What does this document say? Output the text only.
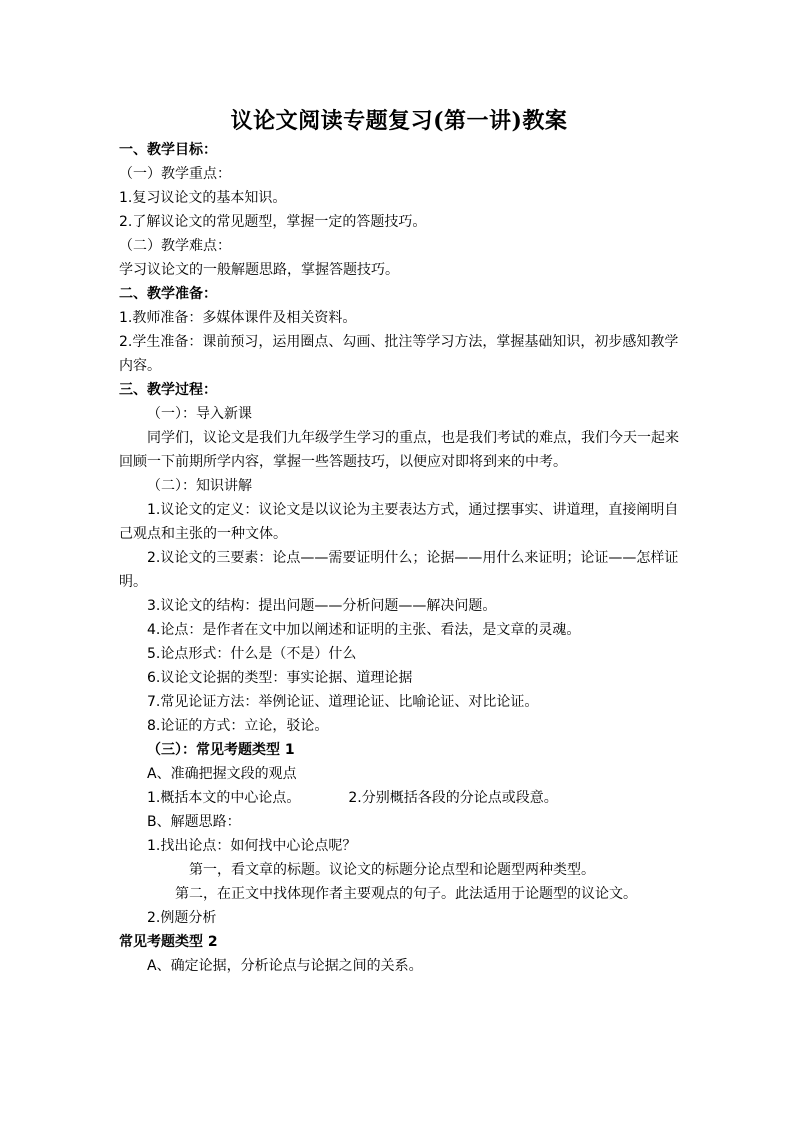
议论文阅读专题复习(第一讲)教案

一、教学目标：

（一）教学重点：

1.复习议论文的基本知识。

2.了解议论文的常见题型，掌握一定的答题技巧。

（二）教学难点：

学习议论文的一般解题思路，掌握答题技巧。

二、教学准备：

1.教师准备：多媒体课件及相关资料。

2.学生准备：课前预习，运用圈点、勾画、批注等学习方法，掌握基础知识，初步感知教学内容。

三、教学过程：

（一）：导入新课

同学们，议论文是我们九年级学生学习的重点，也是我们考试的难点，我们今天一起来回顾一下前期所学内容，掌握一些答题技巧，以便应对即将到来的中考。

（二）：知识讲解

1.议论文的定义：议论文是以议论为主要表达方式，通过摆事实、讲道理，直接阐明自己观点和主张的一种文体。

2.议论文的三要素：论点——需要证明什么；论据——用什么来证明；论证——怎样证明。

3.议论文的结构：提出问题——分析问题——解决问题。

4.论点：是作者在文中加以阐述和证明的主张、看法，是文章的灵魂。

5.论点形式：什么是（不是）什么

6.议论文论据的类型：事实论据、道理论据

7.常见论证方法：举例论证、道理论证、比喻论证、对比论证。

8.论证的方式：立论，驳论。

（三）：常见考题类型 1

A、准确把握文段的观点

1.概括本文的中心论点。	2.分别概括各段的分论点或段意。

B、解题思路：

1.找出论点：如何找中心论点呢？

第一，看文章的标题。议论文的标题分论点型和论题型两种类型。

第二，在正文中找体现作者主要观点的句子。此法适用于论题型的议论文。

2.例题分析

常见考题类型 2

A、确定论据，分析论点与论据之间的关系。
